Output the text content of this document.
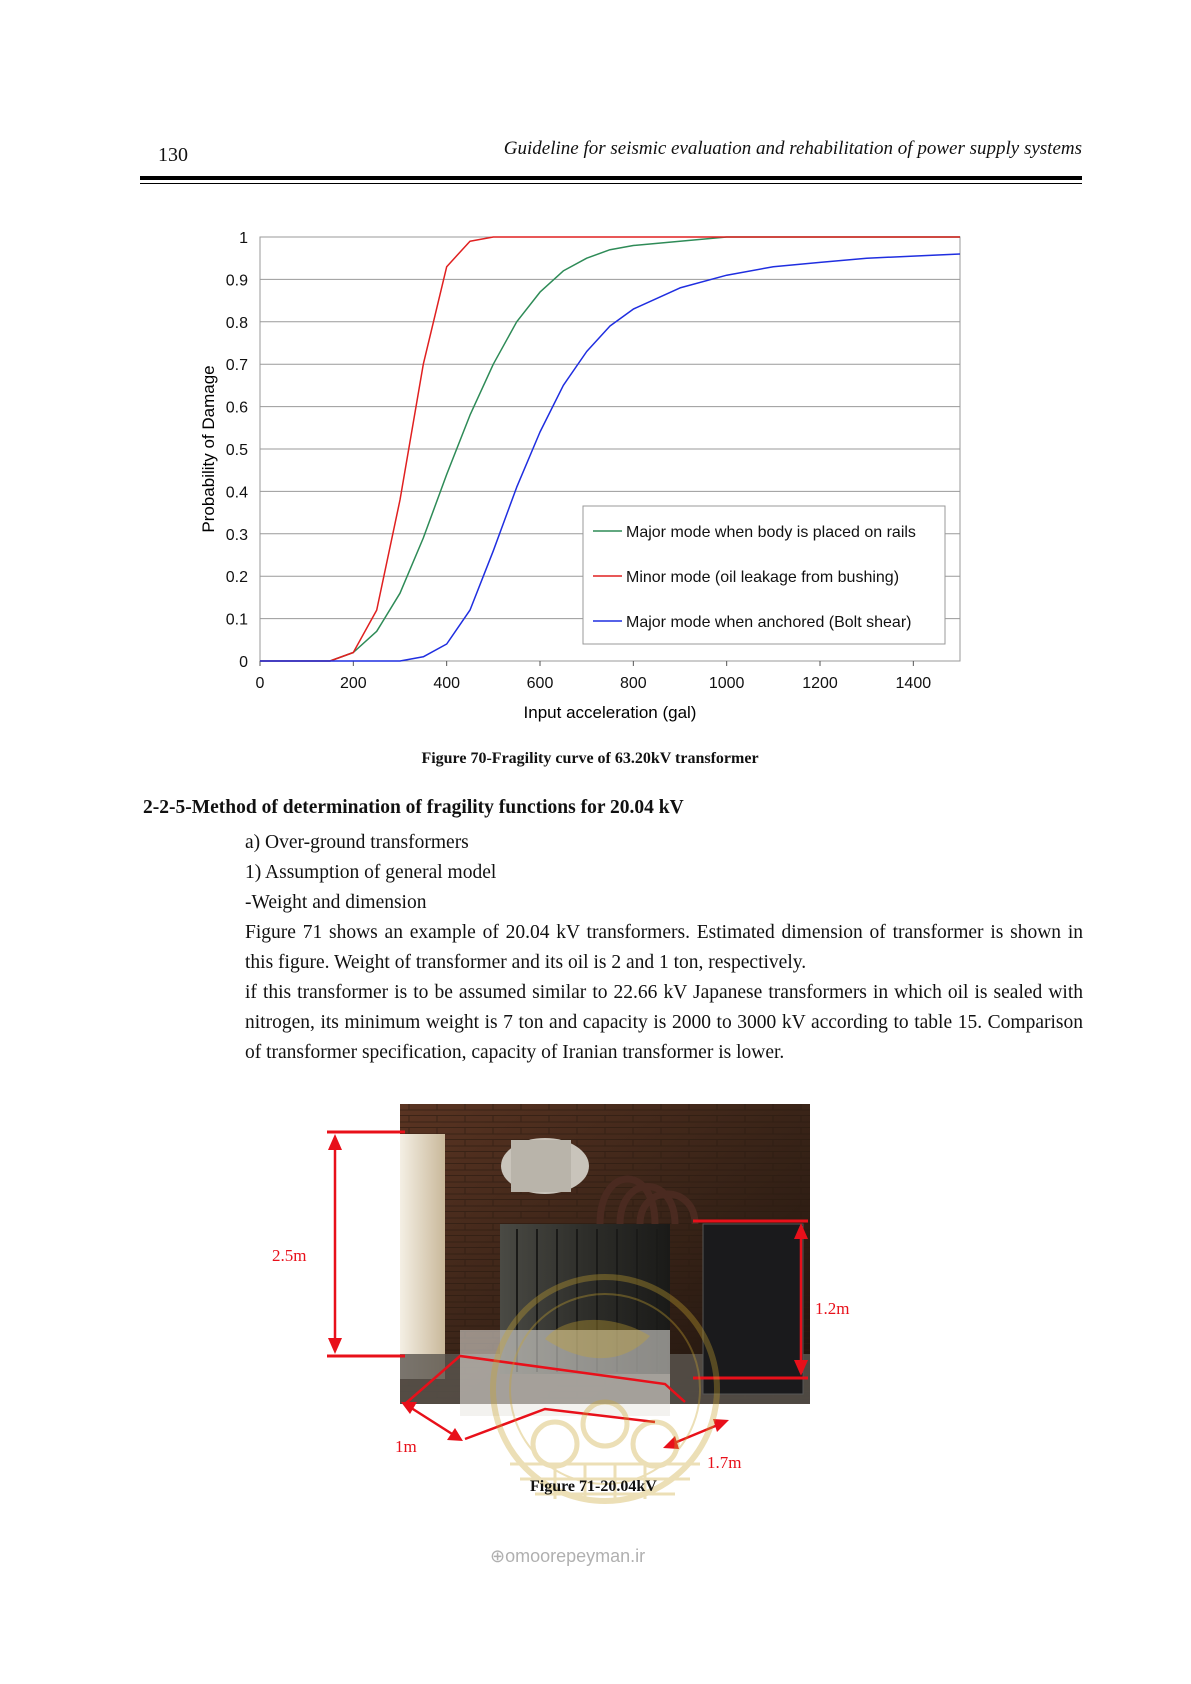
130	Guideline for seismic evaluation and rehabilitation of power supply systems
0
0.1
0.2
0.3
0.4
0.5
0.6
0.7
0.8
0.9
1
0	200	400	600	800	1000	1200	1400
Input acceleration (gal)
Probability of Damage	Major mode when body is placed on rails
Minor mode (oil leakage from bushing)
Major mode when anchored (Bolt shear)
Figure 70-Fragility curve of 63.20kV transformer
2-2-5-Method of determination of fragility functions for 20.04 kV
a) Over-ground transformers
1) Assumption of general model
-Weight and dimension
Figure 71 shows an example of 20.04 kV transformers. Estimated dimension of transformer is shown in this figure. Weight of transformer and its oil is 2 and 1 ton, respectively.
if this transformer is to be assumed similar to 22.66 kV Japanese transformers in which oil is sealed with nitrogen, its minimum weight is 7 ton and capacity is 2000 to 3000 kV according to table 15. Comparison of transformer specification, capacity of Iranian transformer is lower.
2.5m
1.2m
1m
1.7m
Figure 71-20.04kV
⊕omoorepeyman.ir
